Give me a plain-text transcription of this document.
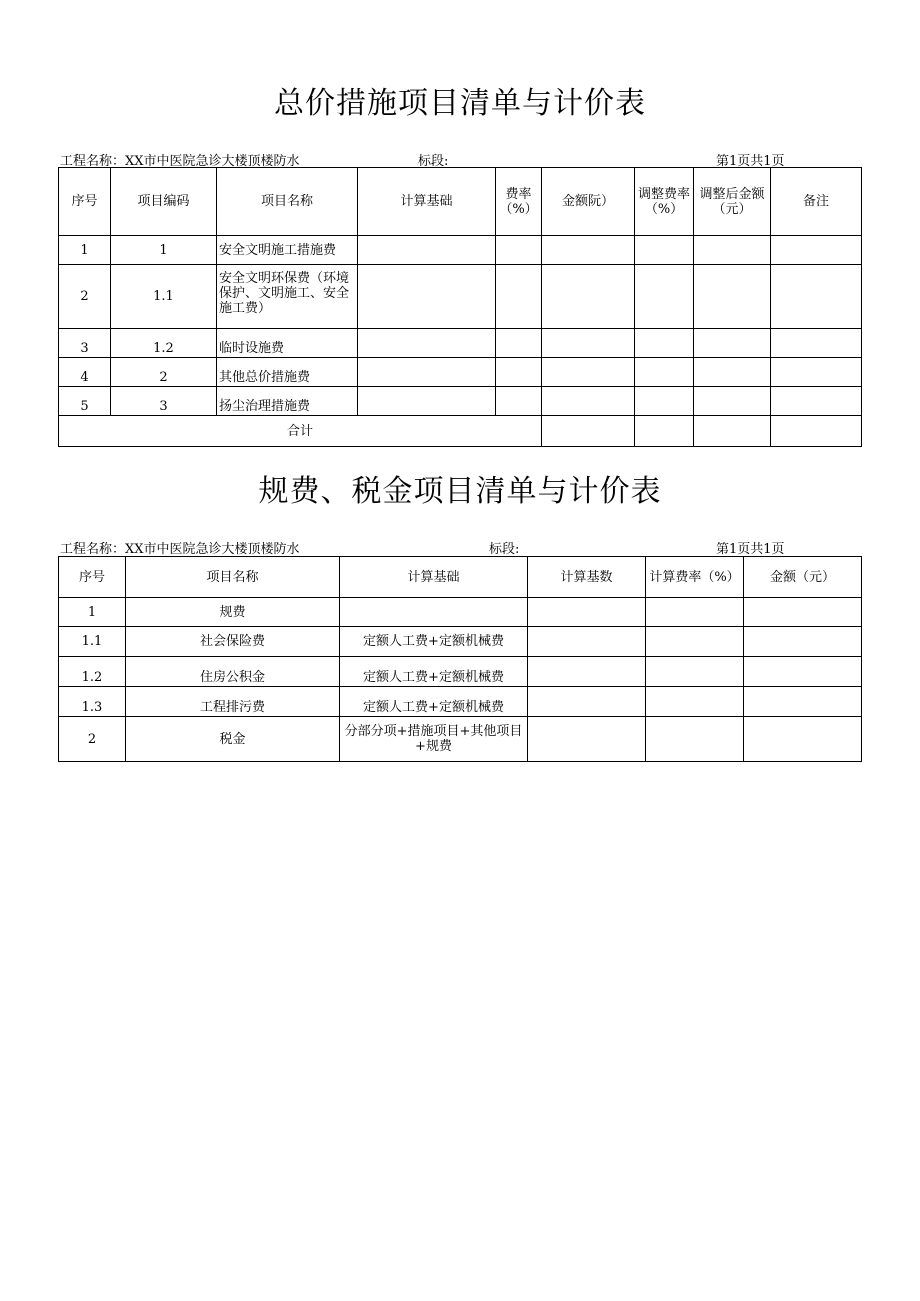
总价措施项目清单与计价表
工程名称：XX市中医院急诊大楼顶楼防水	标段:	第1页共1页
序号	项目编码	项目名称	计算基础	费率（%）	金额阮）	调整费率（%）	调整后金额（元）	备注
1	1	安全文明施工措施费						
2	1.1	安全文明环保费（环境保护、文明施工、安全施工费）						
3	1.2	临时设施费						
4	2	其他总价措施费						
5	3	扬尘治理措施费						
合计								
规费、税金项目清单与计价表
工程名称：XX市中医院急诊大楼顶楼防水	标段:	第1页共1页
序号	项目名称	计算基础	计算基数	计算费率（%）	金额（元）
1	规费				
1.1	社会保险费	定额人工费+定额机械费			
1.2	住房公积金	定额人工费+定额机械费			
1.3	工程排污费	定额人工费+定额机械费			
2	税金	分部分项+措施项目+其他项目+规费			
